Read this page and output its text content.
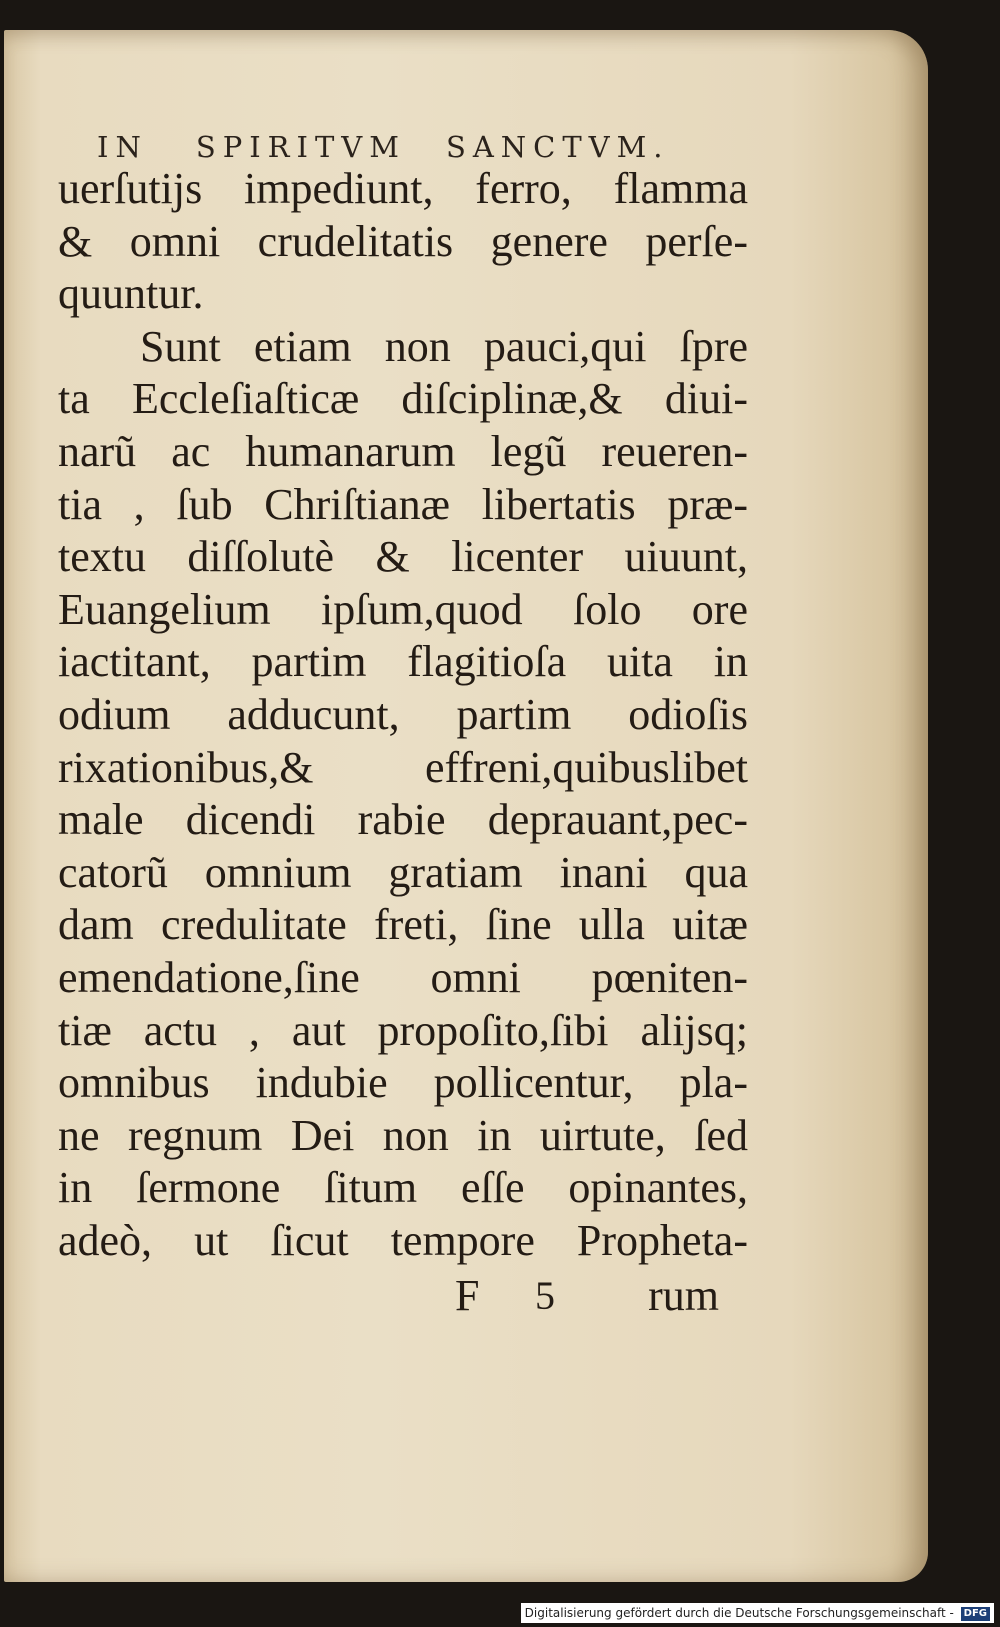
IN SPIRITVM SANCTVM.
uerſutijs impediunt, ferro, flamma
& omni crudelitatis genere perſe-
quuntur.
Sunt etiam non pauci,qui ſpre
ta Eccleſiaſticæ diſciplinæ,& diui-
narũ ac humanarum legũ reueren-
tia , ſub Chriſtianæ libertatis præ-
textu diſſolutè & licenter uiuunt,
Euangelium ipſum,quod ſolo ore
iactitant, partim flagitioſa uita in
odium adducunt, partim odioſis
rixationibus,& effreni,quibuslibet
male dicendi rabie deprauant,pec-
catorũ omnium gratiam inani qua
dam credulitate freti, ſine ulla uitæ
emendatione,ſine omni pœniten-
tiæ actu , aut propoſito,ſibi alijsq;
omnibus indubie pollicentur, pla-
ne regnum Dei non in uirtute, ſed
in ſermone ſitum eſſe opinantes,
adeò, ut ſicut tempore Propheta-
F 5 rum
Digitalisierung gefördert durch die Deutsche Forschungsgemeinschaft - DFG
